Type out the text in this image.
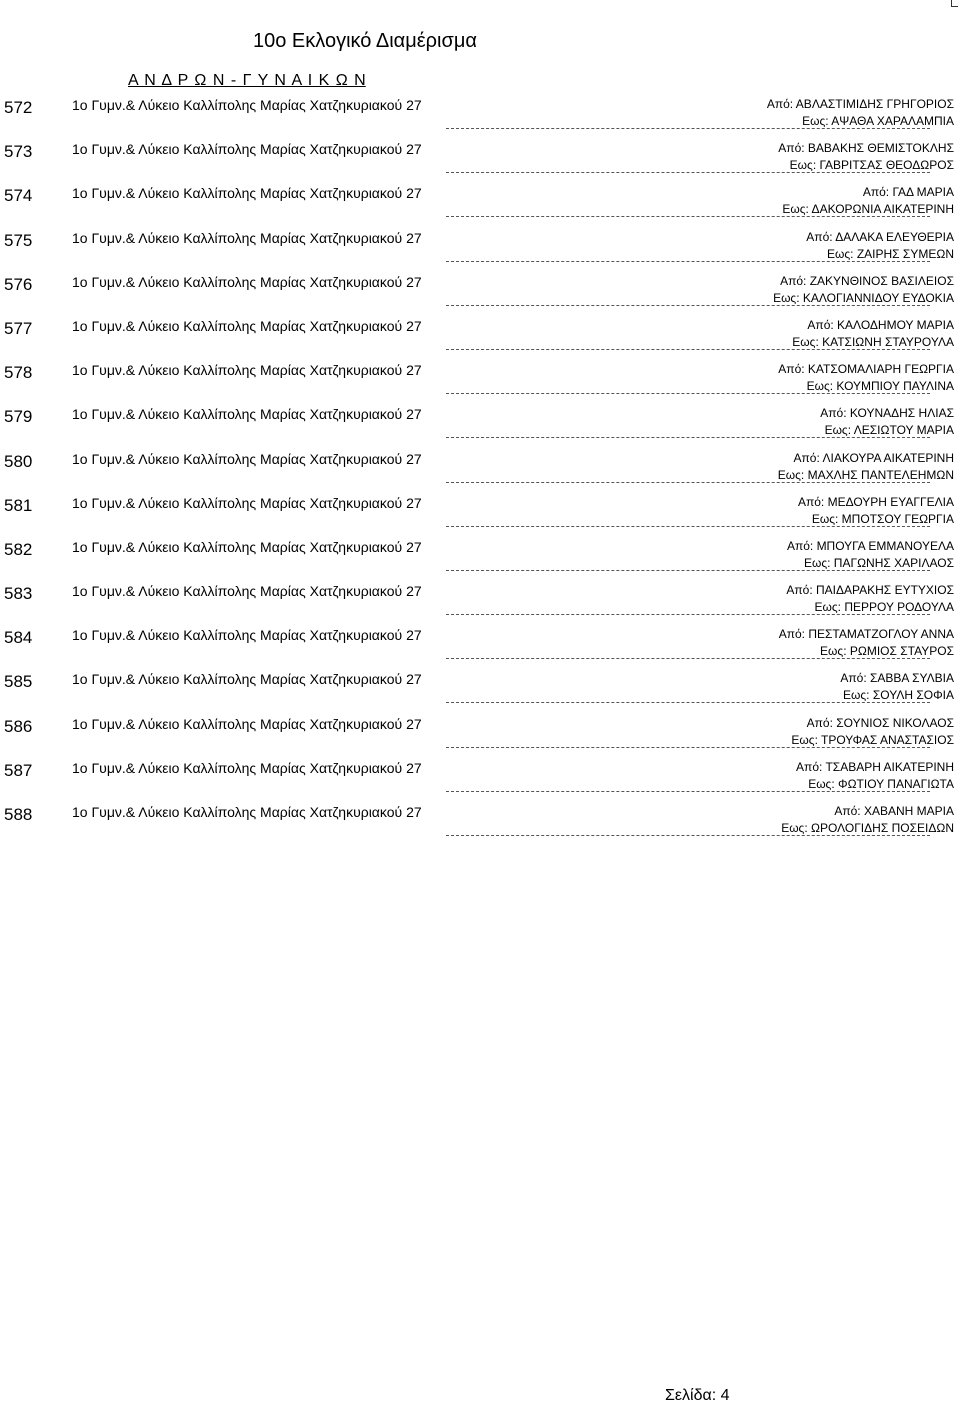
10ο Εκλογικό Διαμέρισμα
Α Ν Δ Ρ Ω Ν - Γ Υ Ν Α Ι Κ Ω Ν
572	1ο Γυμν.& Λύκειο Καλλίπολης Μαρίας Χατζηκυριακού 27	Από: ΑΒΛΑΣΤΙΜΙΔΗΣ ΓΡΗΓΟΡΙΟΣ
Εως: ΑΨΑΘΑ ΧΑΡΑΛΑΜΠΙΑ
573	1ο Γυμν.& Λύκειο Καλλίπολης Μαρίας Χατζηκυριακού 27	Από: ΒΑΒΑΚΗΣ ΘΕΜΙΣΤΟΚΛΗΣ
Εως: ΓΑΒΡΙΤΣΑΣ ΘΕΟΔΩΡΟΣ
574	1ο Γυμν.& Λύκειο Καλλίπολης Μαρίας Χατζηκυριακού 27	Από: ΓΑΔ ΜΑΡΙΑ
Εως: ΔΑΚΟΡΩΝΙΑ ΑΙΚΑΤΕΡΙΝΗ
575	1ο Γυμν.& Λύκειο Καλλίπολης Μαρίας Χατζηκυριακού 27	Από: ΔΑΛΑΚΑ ΕΛΕΥΘΕΡΙΑ
Εως: ΖΑΙΡΗΣ ΣΥΜΕΩΝ
576	1ο Γυμν.& Λύκειο Καλλίπολης Μαρίας Χατζηκυριακού 27	Από: ΖΑΚΥΝΘΙΝΟΣ ΒΑΣΙΛΕΙΟΣ
Εως: ΚΑΛΟΓΙΑΝΝΙΔΟΥ ΕΥΔΟΚΙΑ
577	1ο Γυμν.& Λύκειο Καλλίπολης Μαρίας Χατζηκυριακού 27	Από: ΚΑΛΟΔΗΜΟΥ ΜΑΡΙΑ
Εως: ΚΑΤΣΙΩΝΗ ΣΤΑΥΡΟΥΛΑ
578	1ο Γυμν.& Λύκειο Καλλίπολης Μαρίας Χατζηκυριακού 27	Από: ΚΑΤΣΟΜΑΛΙΑΡΗ ΓΕΩΡΓΙΑ
Εως: ΚΟΥΜΠΙΟΥ ΠΑΥΛΙΝΑ
579	1ο Γυμν.& Λύκειο Καλλίπολης Μαρίας Χατζηκυριακού 27	Από: ΚΟΥΝΑΔΗΣ ΗΛΙΑΣ
Εως: ΛΕΣΙΩΤΟΥ ΜΑΡΙΑ
580	1ο Γυμν.& Λύκειο Καλλίπολης Μαρίας Χατζηκυριακού 27	Από: ΛΙΑΚΟΥΡΑ ΑΙΚΑΤΕΡΙΝΗ
Εως: ΜΑΧΛΗΣ ΠΑΝΤΕΛΕΗΜΩΝ
581	1ο Γυμν.& Λύκειο Καλλίπολης Μαρίας Χατζηκυριακού 27	Από: ΜΕΔΟΥΡΗ ΕΥΑΓΓΕΛΙΑ
Εως: ΜΠΟΤΣΟΥ ΓΕΩΡΓΙΑ
582	1ο Γυμν.& Λύκειο Καλλίπολης Μαρίας Χατζηκυριακού 27	Από: ΜΠΟΥΓΑ ΕΜΜΑΝΟΥΕΛΑ
Εως: ΠΑΓΩΝΗΣ ΧΑΡΙΛΑΟΣ
583	1ο Γυμν.& Λύκειο Καλλίπολης Μαρίας Χατζηκυριακού 27	Από: ΠΑΙΔΑΡΑΚΗΣ ΕΥΤΥΧΙΟΣ
Εως: ΠΕΡΡΟΥ ΡΟΔΟΥΛΑ
584	1ο Γυμν.& Λύκειο Καλλίπολης Μαρίας Χατζηκυριακού 27	Από: ΠΕΣΤΑΜΑΤΖΟΓΛΟΥ ΑΝΝΑ
Εως: ΡΩΜΙΟΣ ΣΤΑΥΡΟΣ
585	1ο Γυμν.& Λύκειο Καλλίπολης Μαρίας Χατζηκυριακού 27	Από: ΣΑΒΒΑ ΣΥΛΒΙΑ
Εως: ΣΟΥΛΗ ΣΟΦΙΑ
586	1ο Γυμν.& Λύκειο Καλλίπολης Μαρίας Χατζηκυριακού 27	Από: ΣΟΥΝΙΟΣ ΝΙΚΟΛΑΟΣ
Εως: ΤΡΟΥΦΑΣ ΑΝΑΣΤΑΣΙΟΣ
587	1ο Γυμν.& Λύκειο Καλλίπολης Μαρίας Χατζηκυριακού 27	Από: ΤΣΑΒΑΡΗ ΑΙΚΑΤΕΡΙΝΗ
Εως: ΦΩΤΙΟΥ ΠΑΝΑΓΙΩΤΑ
588	1ο Γυμν.& Λύκειο Καλλίπολης Μαρίας Χατζηκυριακού 27	Από: ΧΑΒΑΝΗ ΜΑΡΙΑ
Εως: ΩΡΟΛΟΓΙΔΗΣ ΠΟΣΕΙΔΩΝ
Σελίδα: 4
